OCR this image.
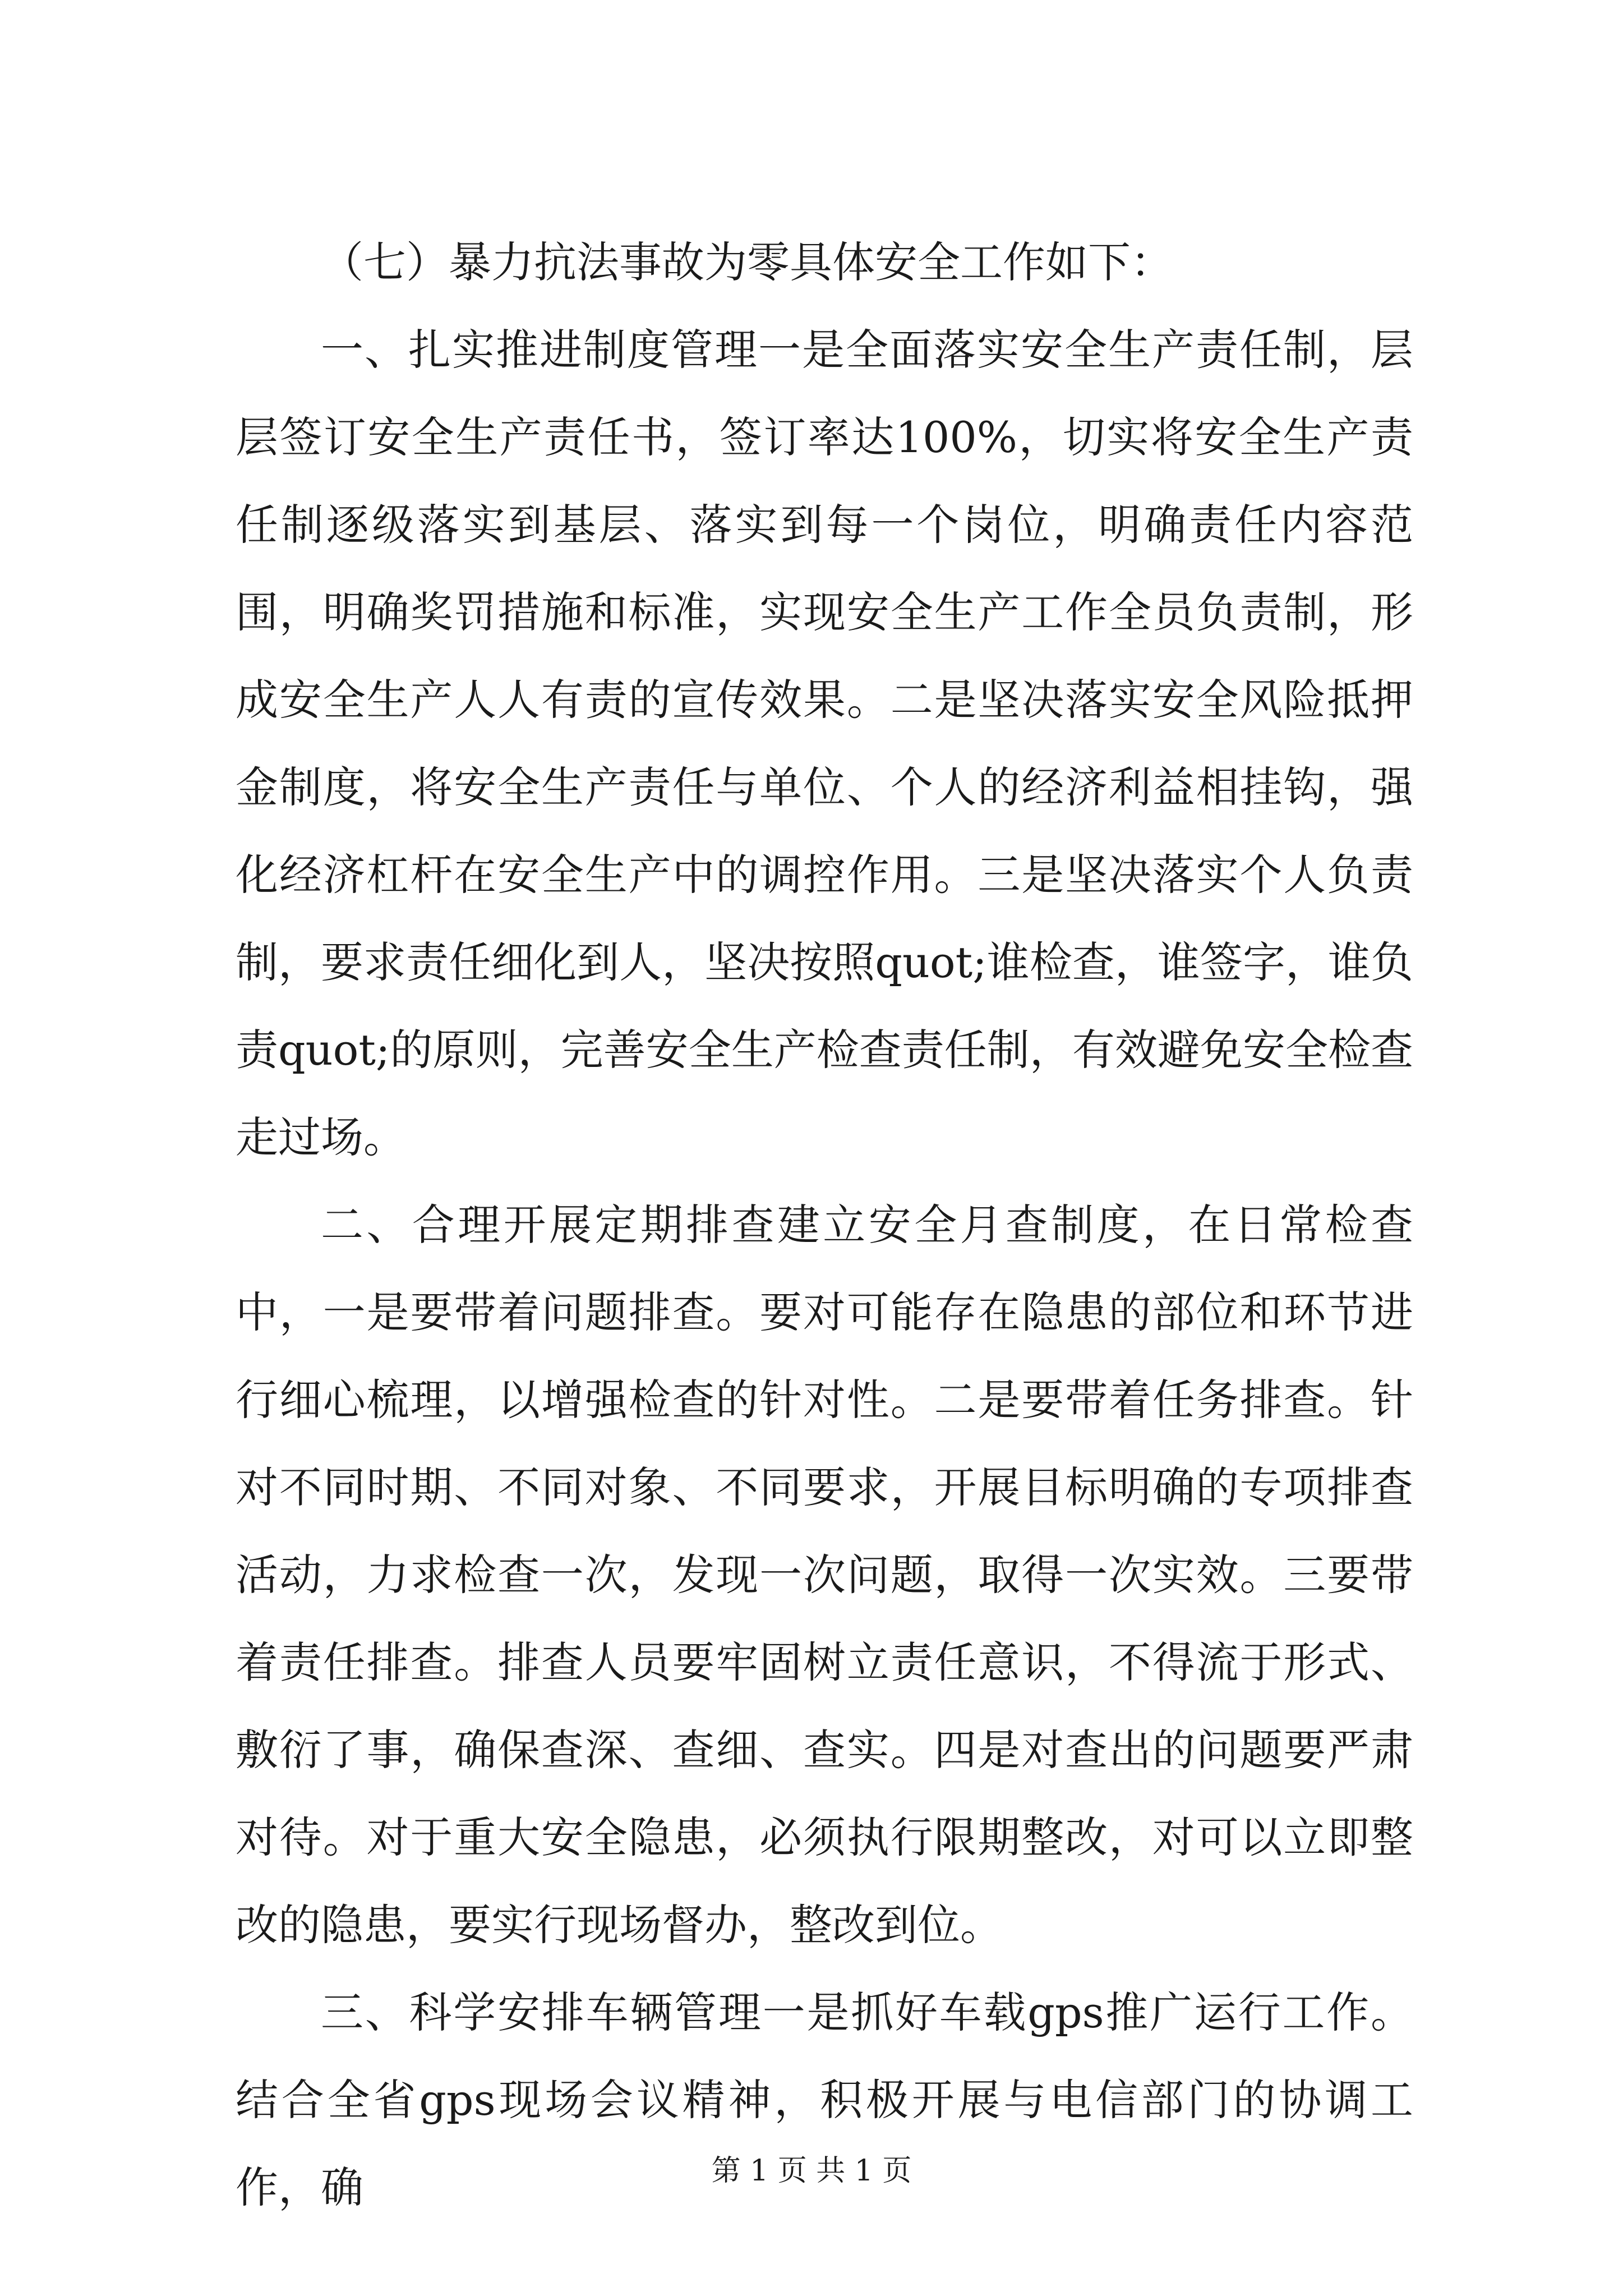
（七）暴力抗法事故为零具体安全工作如下：

一、扎实推进制度管理一是全面落实安全生产责任制，层层签订安全生产责任书，签订率达100%，切实将安全生产责任制逐级落实到基层、落实到每一个岗位，明确责任内容范围，明确奖罚措施和标准，实现安全生产工作全员负责制，形成安全生产人人有责的宣传效果。二是坚决落实安全风险抵押金制度，将安全生产责任与单位、个人的经济利益相挂钩，强化经济杠杆在安全生产中的调控作用。三是坚决落实个人负责制，要求责任细化到人，坚决按照quot;谁检查，谁签字，谁负责quot;的原则，完善安全生产检查责任制，有效避免安全检查走过场。

二、合理开展定期排查建立安全月查制度，在日常检查中，一是要带着问题排查。要对可能存在隐患的部位和环节进行细心梳理，以增强检查的针对性。二是要带着任务排查。针对不同时期、不同对象、不同要求，开展目标明确的专项排查活动，力求检查一次，发现一次问题，取得一次实效。三要带着责任排查。排查人员要牢固树立责任意识，不得流于形式、敷衍了事，确保查深、查细、查实。四是对查出的问题要严肃对待。对于重大安全隐患，必须执行限期整改，对可以立即整改的隐患，要实行现场督办，整改到位。

三、科学安排车辆管理一是抓好车载gps推广运行工作。结合全省gps现场会议精神，积极开展与电信部门的协调工作，确	第 1 页 共 1 页
